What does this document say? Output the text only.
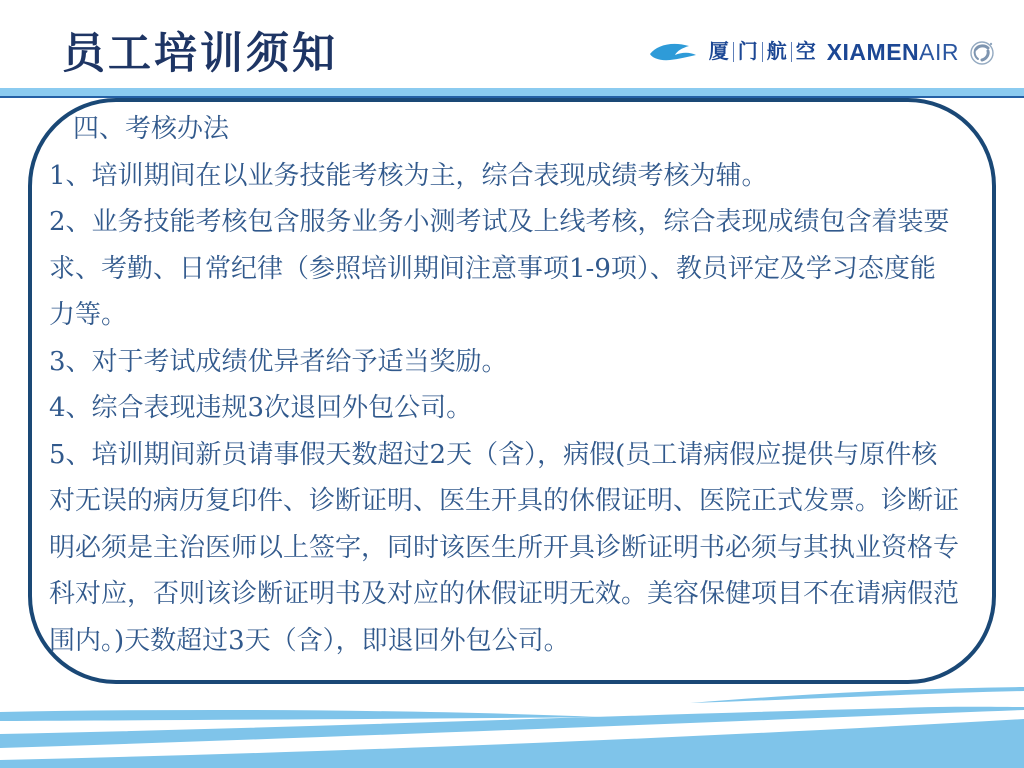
员工培训须知	厦 门 航 空 XIAMENAIR
四、考核办法
1、培训期间在以业务技能考核为主，综合表现成绩考核为辅。
2、业务技能考核包含服务业务小测考试及上线考核，综合表现成绩包含着装要
求、考勤、日常纪律（参照培训期间注意事项1-9项）、教员评定及学习态度能
力等。
3、对于考试成绩优异者给予适当奖励。
4、综合表现违规3次退回外包公司。
5、培训期间新员请事假天数超过2天（含），病假(员工请病假应提供与原件核
对无误的病历复印件、诊断证明、医生开具的休假证明、医院正式发票。诊断证
明必须是主治医师以上签字，同时该医生所开具诊断证明书必须与其执业资格专
科对应，否则该诊断证明书及对应的休假证明无效。美容保健项目不在请病假范
围内。)天数超过3天（含），即退回外包公司。
